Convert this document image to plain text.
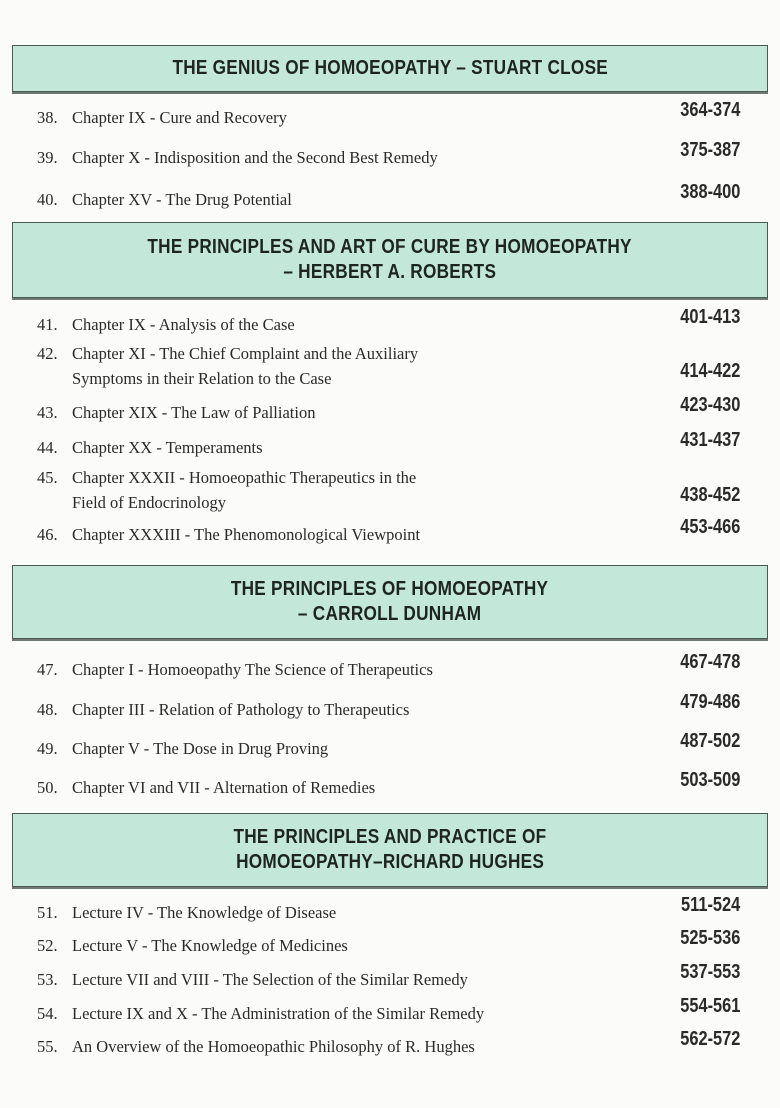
THE GENIUS OF HOMOEOPATHY – STUART CLOSE
38. Chapter IX - Cure and Recovery	364-374
39. Chapter X - Indisposition and the Second Best Remedy	375-387
40. Chapter XV - The Drug Potential	388-400
THE PRINCIPLES AND ART OF CURE BY HOMOEOPATHY
– HERBERT A. ROBERTS
41. Chapter IX - Analysis of the Case	401-413
42. Chapter XI - The Chief Complaint and the Auxiliary
Symptoms in their Relation to the Case	414-422
43. Chapter XIX - The Law of Palliation	423-430
44. Chapter XX - Temperaments	431-437
45. Chapter XXXII - Homoeopathic Therapeutics in the
Field of Endocrinology	438-452
46. Chapter XXXIII - The Phenomonological Viewpoint	453-466
THE PRINCIPLES OF HOMOEOPATHY
– CARROLL DUNHAM
47. Chapter I - Homoeopathy The Science of Therapeutics	467-478
48. Chapter III - Relation of Pathology to Therapeutics	479-486
49. Chapter V - The Dose in Drug Proving	487-502
50. Chapter VI and VII - Alternation of Remedies	503-509
THE PRINCIPLES AND PRACTICE OF
HOMOEOPATHY–RICHARD HUGHES
51. Lecture IV - The Knowledge of Disease	511-524
52. Lecture V - The Knowledge of Medicines	525-536
53. Lecture VII and VIII - The Selection of the Similar Remedy	537-553
54. Lecture IX and X - The Administration of the Similar Remedy	554-561
55. An Overview of the Homoeopathic Philosophy of R. Hughes	562-572
